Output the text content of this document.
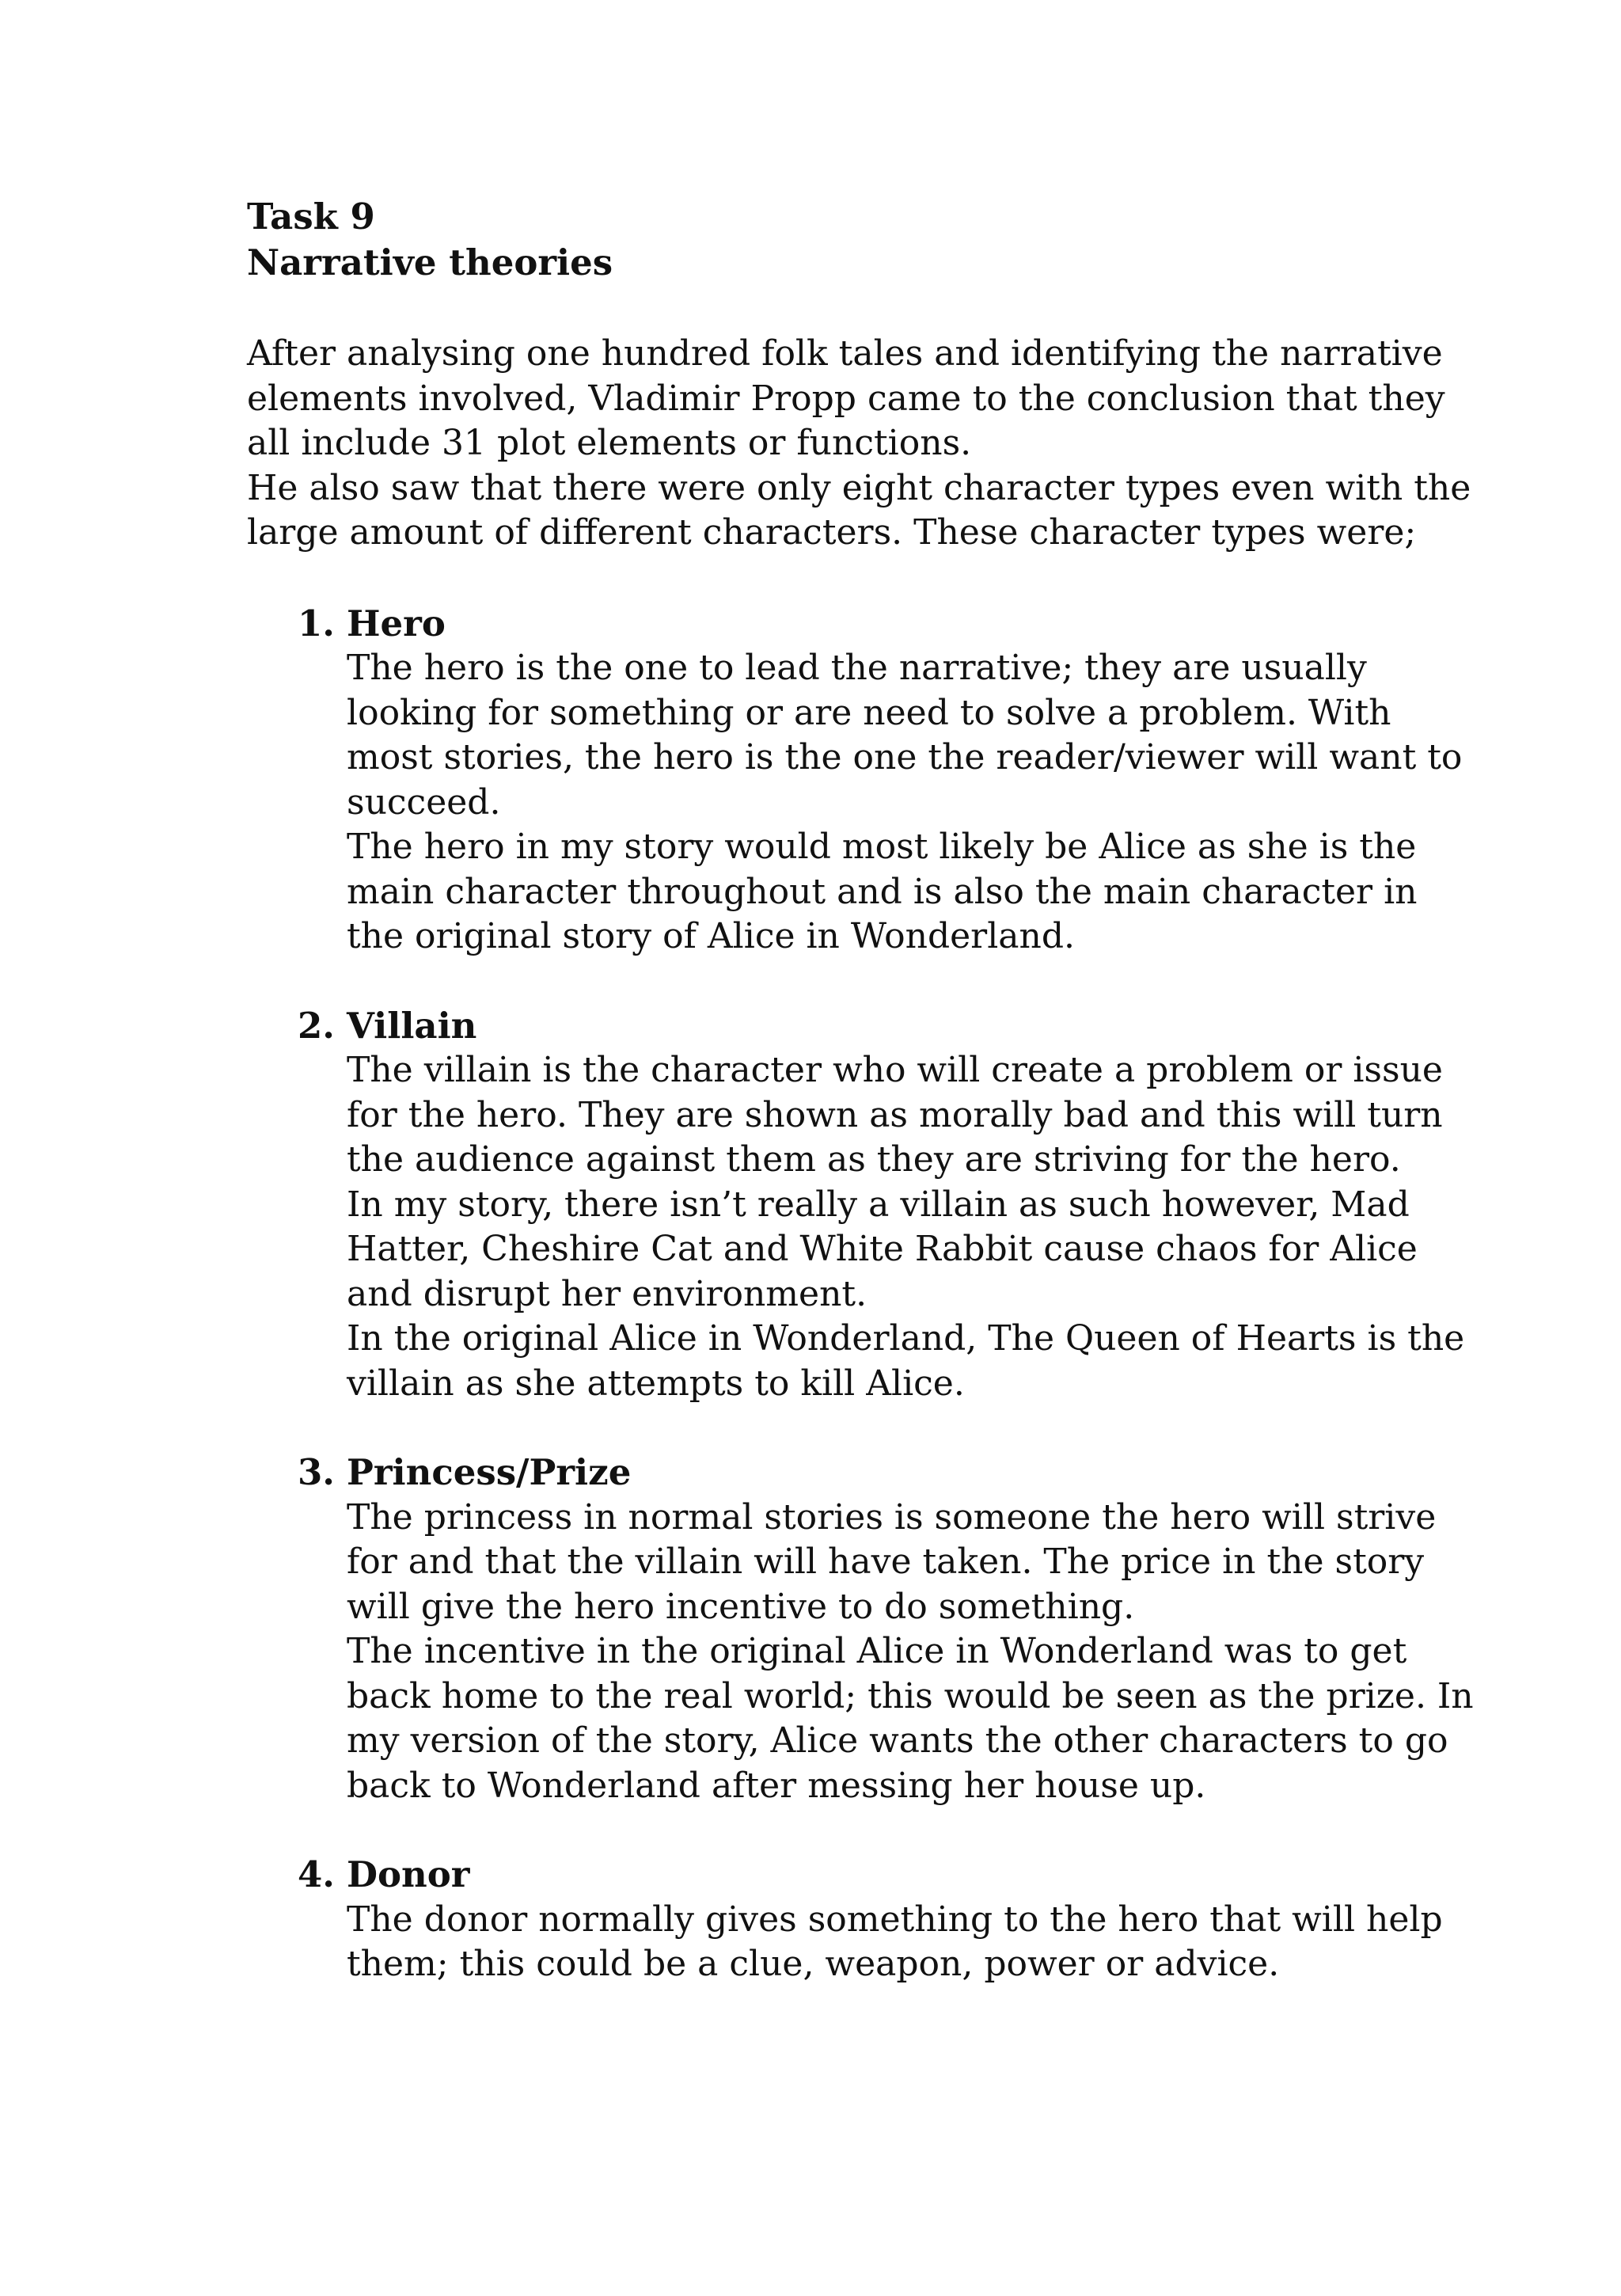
Task 9
Narrative theories
After analysing one hundred folk tales and identifying the narrative
elements involved, Vladimir Propp came to the conclusion that they
all include 31 plot elements or functions.
He also saw that there were only eight character types even with the
large amount of different characters. These character types were;
1. Hero
The hero is the one to lead the narrative; they are usually
looking for something or are need to solve a problem. With
most stories, the hero is the one the reader/viewer will want to
succeed.
The hero in my story would most likely be Alice as she is the
main character throughout and is also the main character in
the original story of Alice in Wonderland.
2. Villain
The villain is the character who will create a problem or issue
for the hero. They are shown as morally bad and this will turn
the audience against them as they are striving for the hero.
In my story, there isn’t really a villain as such however, Mad
Hatter, Cheshire Cat and White Rabbit cause chaos for Alice
and disrupt her environment.
In the original Alice in Wonderland, The Queen of Hearts is the
villain as she attempts to kill Alice.
3. Princess/Prize
The princess in normal stories is someone the hero will strive
for and that the villain will have taken. The price in the story
will give the hero incentive to do something.
The incentive in the original Alice in Wonderland was to get
back home to the real world; this would be seen as the prize. In
my version of the story, Alice wants the other characters to go
back to Wonderland after messing her house up.
4. Donor
The donor normally gives something to the hero that will help
them; this could be a clue, weapon, power or advice.
